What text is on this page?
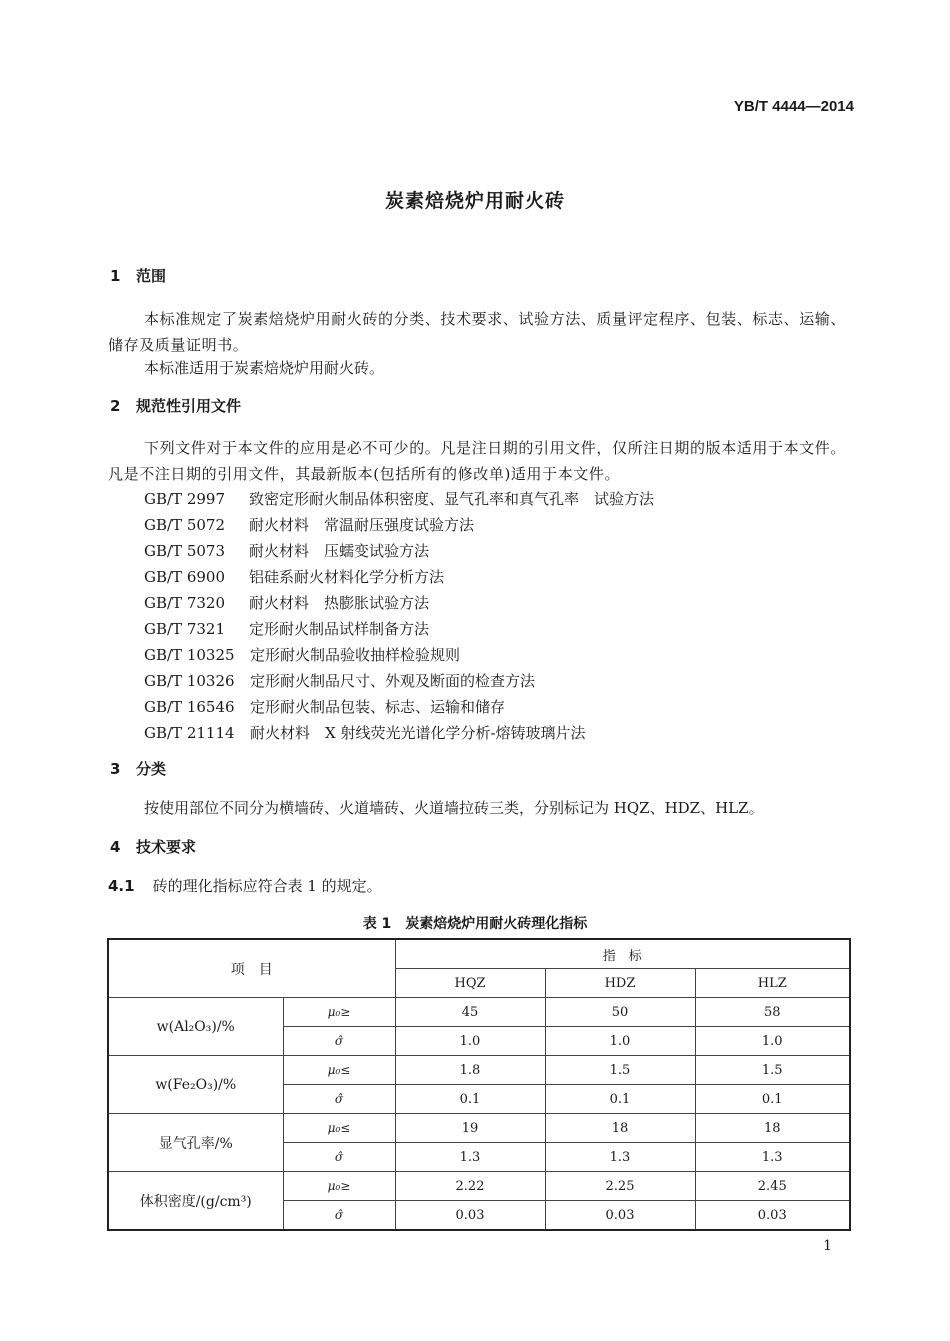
YB/T 4444—2014
炭素焙烧炉用耐火砖
1 范围
本标准规定了炭素焙烧炉用耐火砖的分类、技术要求、试验方法、质量评定程序、包装、标志、运输、储存及质量证明书。
本标准适用于炭素焙烧炉用耐火砖。
2 规范性引用文件
下列文件对于本文件的应用是必不可少的。凡是注日期的引用文件，仅所注日期的版本适用于本文件。凡是不注日期的引用文件，其最新版本(包括所有的修改单)适用于本文件。
GB/T 2997	致密定形耐火制品体积密度、显气孔率和真气孔率　试验方法
GB/T 5072	耐火材料　常温耐压强度试验方法
GB/T 5073	耐火材料　压蠕变试验方法
GB/T 6900	铝硅系耐火材料化学分析方法
GB/T 7320	耐火材料　热膨胀试验方法
GB/T 7321	定形耐火制品试样制备方法
GB/T 10325	定形耐火制品验收抽样检验规则
GB/T 10326	定形耐火制品尺寸、外观及断面的检查方法
GB/T 16546	定形耐火制品包装、标志、运输和储存
GB/T 21114	耐火材料　X 射线荧光光谱化学分析-熔铸玻璃片法
3 分类
按使用部位不同分为横墙砖、火道墙砖、火道墙拉砖三类，分别标记为 HQZ、HDZ、HLZ。
4 技术要求
4.1 砖的理化指标应符合表 1 的规定。
表 1　炭素焙烧炉用耐火砖理化指标
项　目		指　标		
		HQZ	HDZ	HLZ
w(Al₂O₃)/%	μ₀≥	45	50	58
	σ̂	1.0	1.0	1.0
w(Fe₂O₃)/%	μ₀≤	1.8	1.5	1.5
	σ̂	0.1	0.1	0.1
显气孔率/%	μ₀≤	19	18	18
	σ̂	1.3	1.3	1.3
体积密度/(g/cm³)	μ₀≥	2.22	2.25	2.45
	σ̂	0.03	0.03	0.03
1
